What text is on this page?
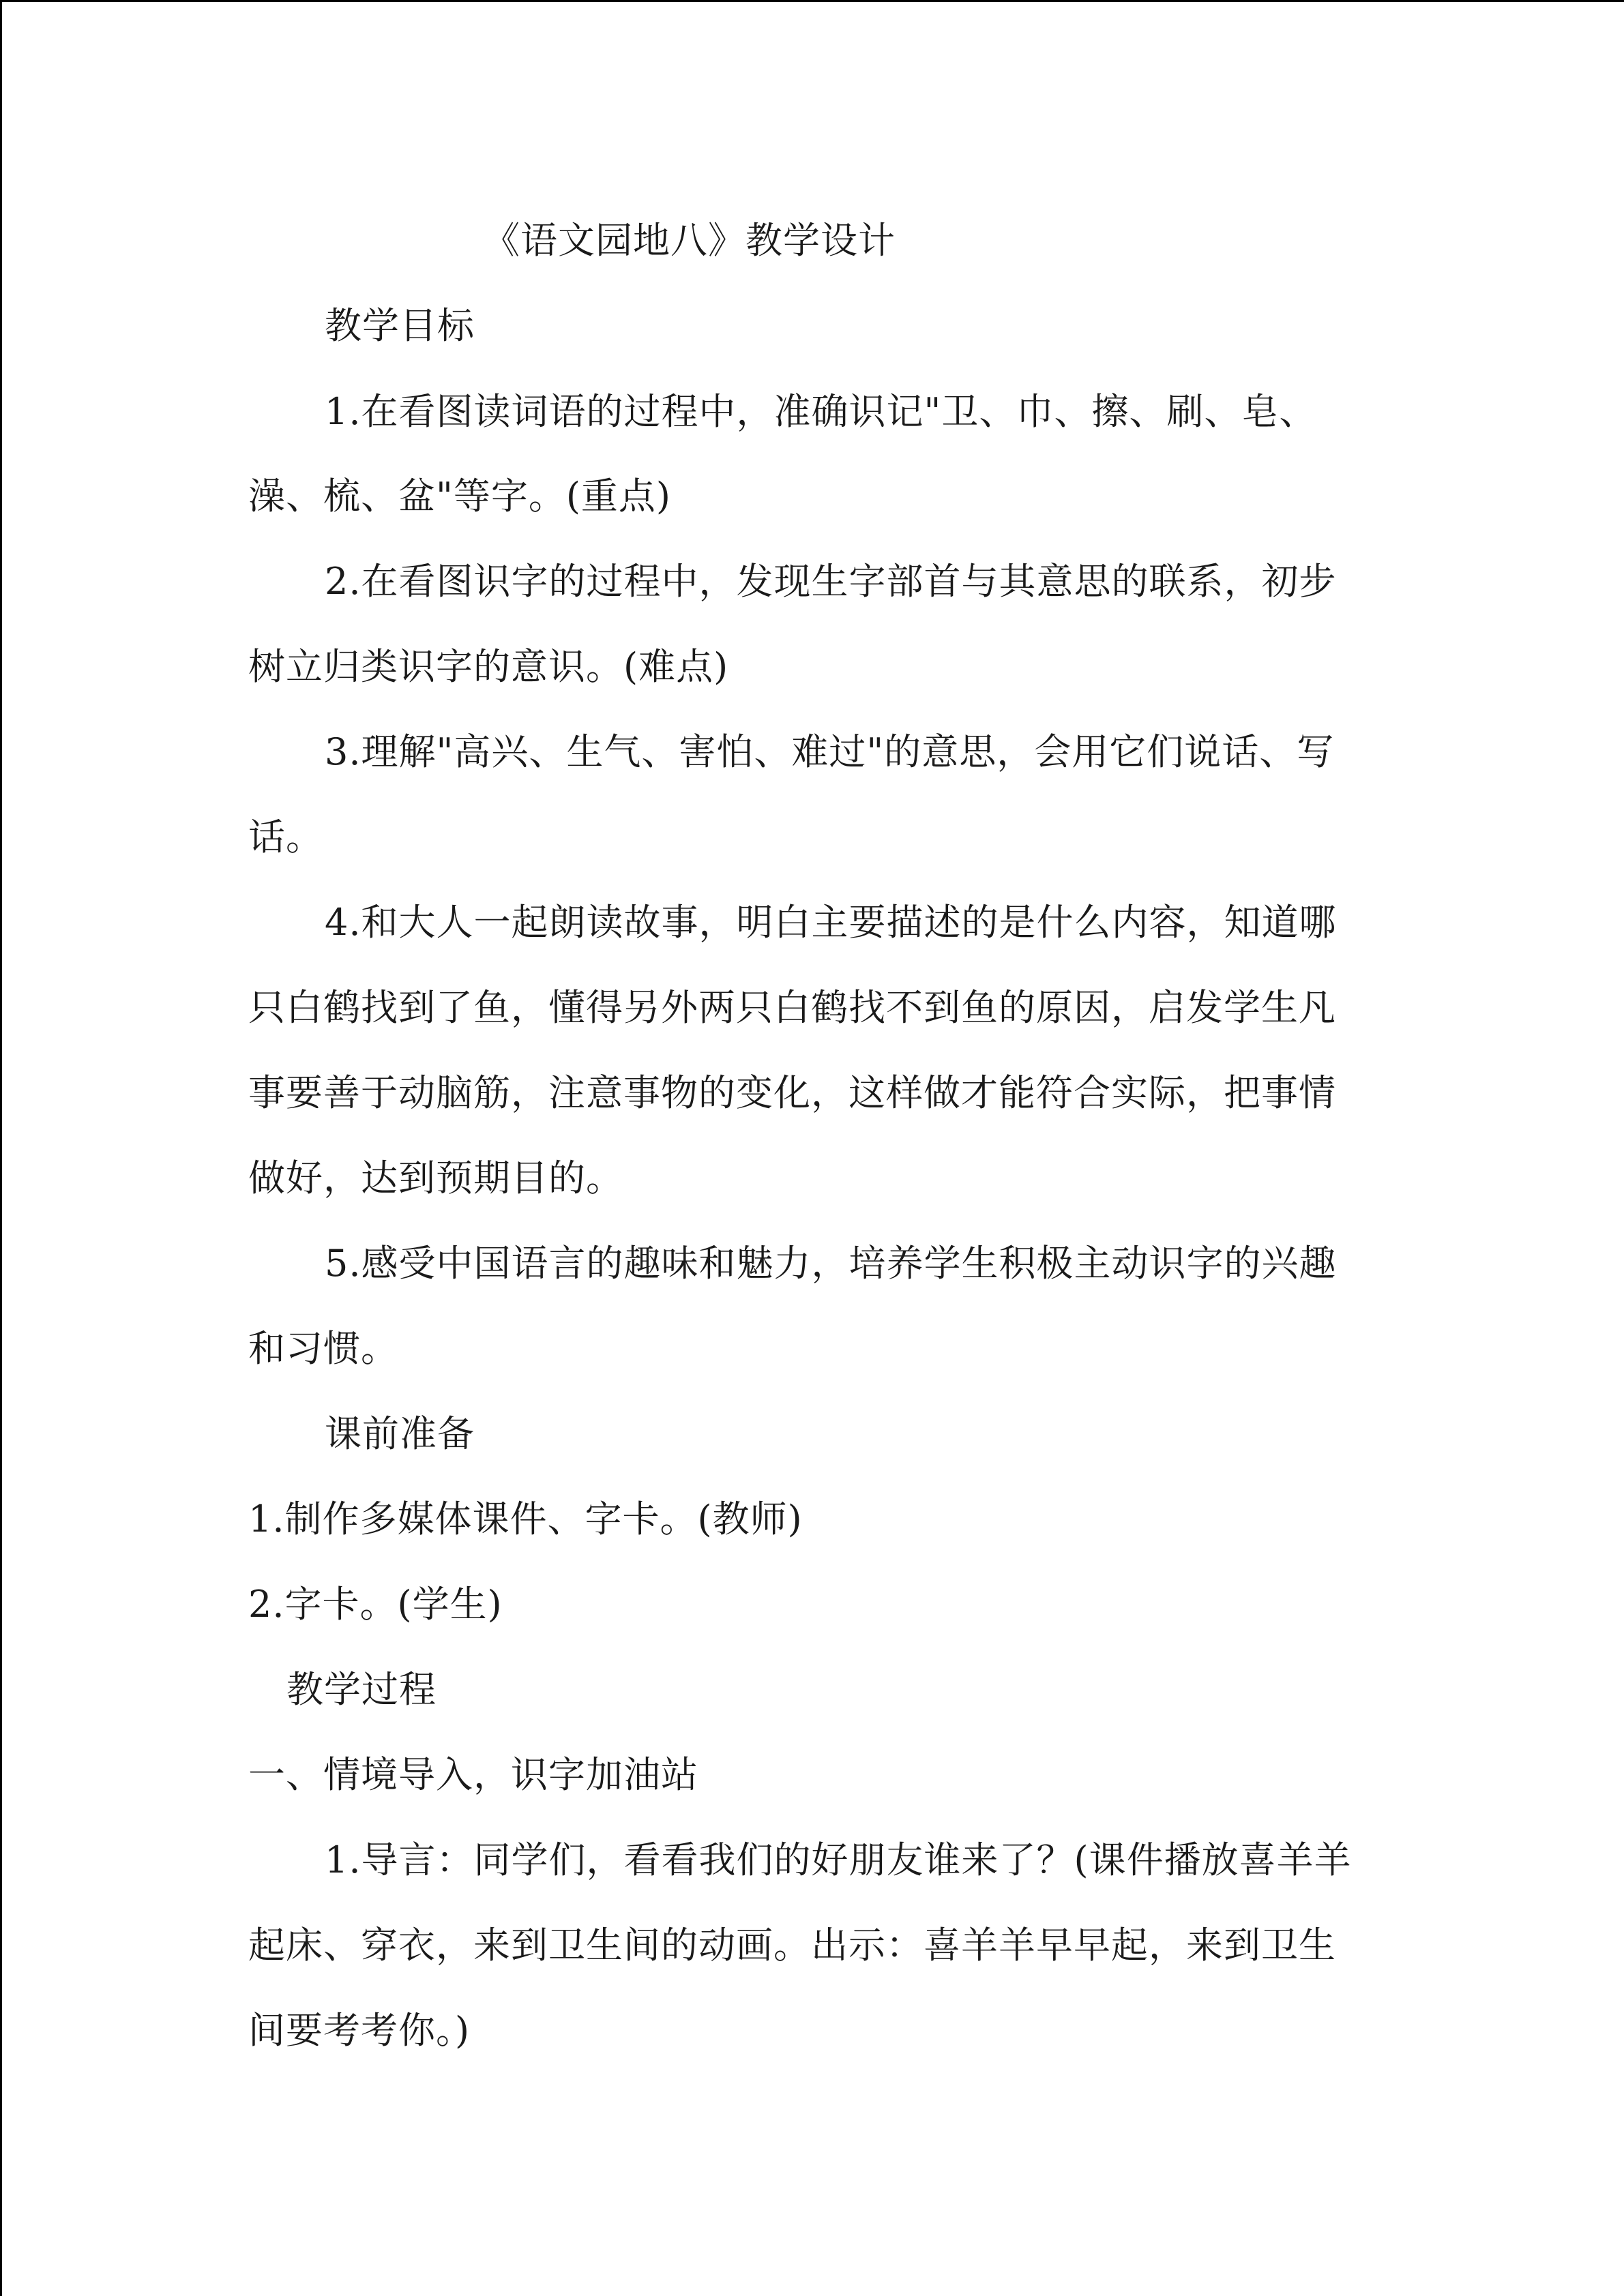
《语文园地八》教学设计
教学目标
1.在看图读词语的过程中，准确识记"卫、巾、擦、刷、皂、
澡、梳、盆"等字。(重点)
2.在看图识字的过程中，发现生字部首与其意思的联系，初步
树立归类识字的意识。(难点)
3.理解"高兴、生气、害怕、难过"的意思，会用它们说话、写
话。
4.和大人一起朗读故事，明白主要描述的是什么内容，知道哪
只白鹤找到了鱼，懂得另外两只白鹤找不到鱼的原因，启发学生凡
事要善于动脑筋，注意事物的变化，这样做才能符合实际，把事情
做好，达到预期目的。
5.感受中国语言的趣味和魅力，培养学生积极主动识字的兴趣
和习惯。
课前准备
1.制作多媒体课件、字卡。(教师)
2.字卡。(学生)
教学过程
一、情境导入，识字加油站
1.导言：同学们，看看我们的好朋友谁来了？(课件播放喜羊羊
起床、穿衣，来到卫生间的动画。出示：喜羊羊早早起，来到卫生
间要考考你。)
